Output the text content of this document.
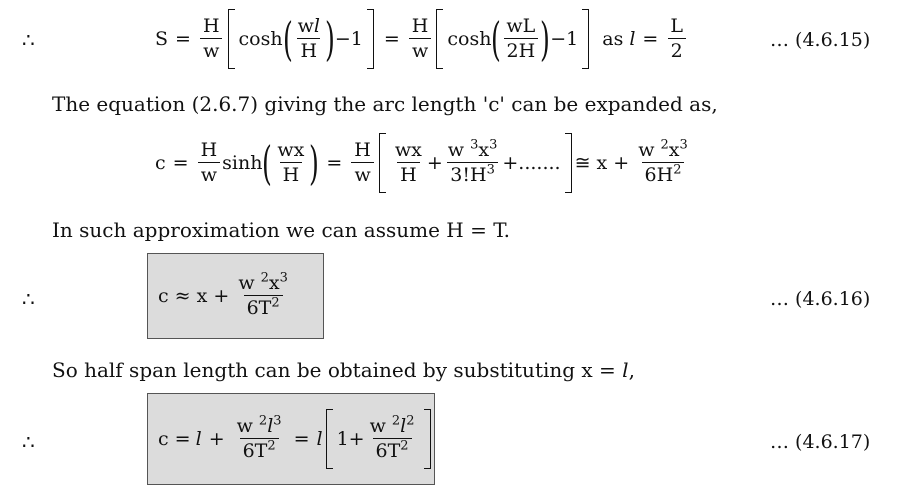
∴	$S = \frac{H}{w}$ cosh ( $\frac{wl}{H}$ ) $-1 = \frac{H}{w}$ cosh ( $\frac{wL}{2H}$ ) −1 as $l = \frac{L}{2}$	… (4.6.15)
The equation (2.6.7) giving the arc length 'c' can be expanded as,
$c = \frac{H}{w}$ sinh ( $\frac{wx}{H}$ ) = $\frac{H}{w} \frac{wx}{H} + \frac{w ^3x^3}{3!H^3}$ +....... ≅ $x + \frac{w ^2x^3}{6H^2}$
In such approximation we can assume H = T.
∴	$c \approx x + \frac{w ^2x^3}{6T^2}$	… (4.6.16)
So half span length can be obtained by substituting x = l,
∴	$c = l + \frac{w ^2l^3}{6T^2} = l$ $1+ \frac{w ^2l^2}{6T^2}$	… (4.6.17)
